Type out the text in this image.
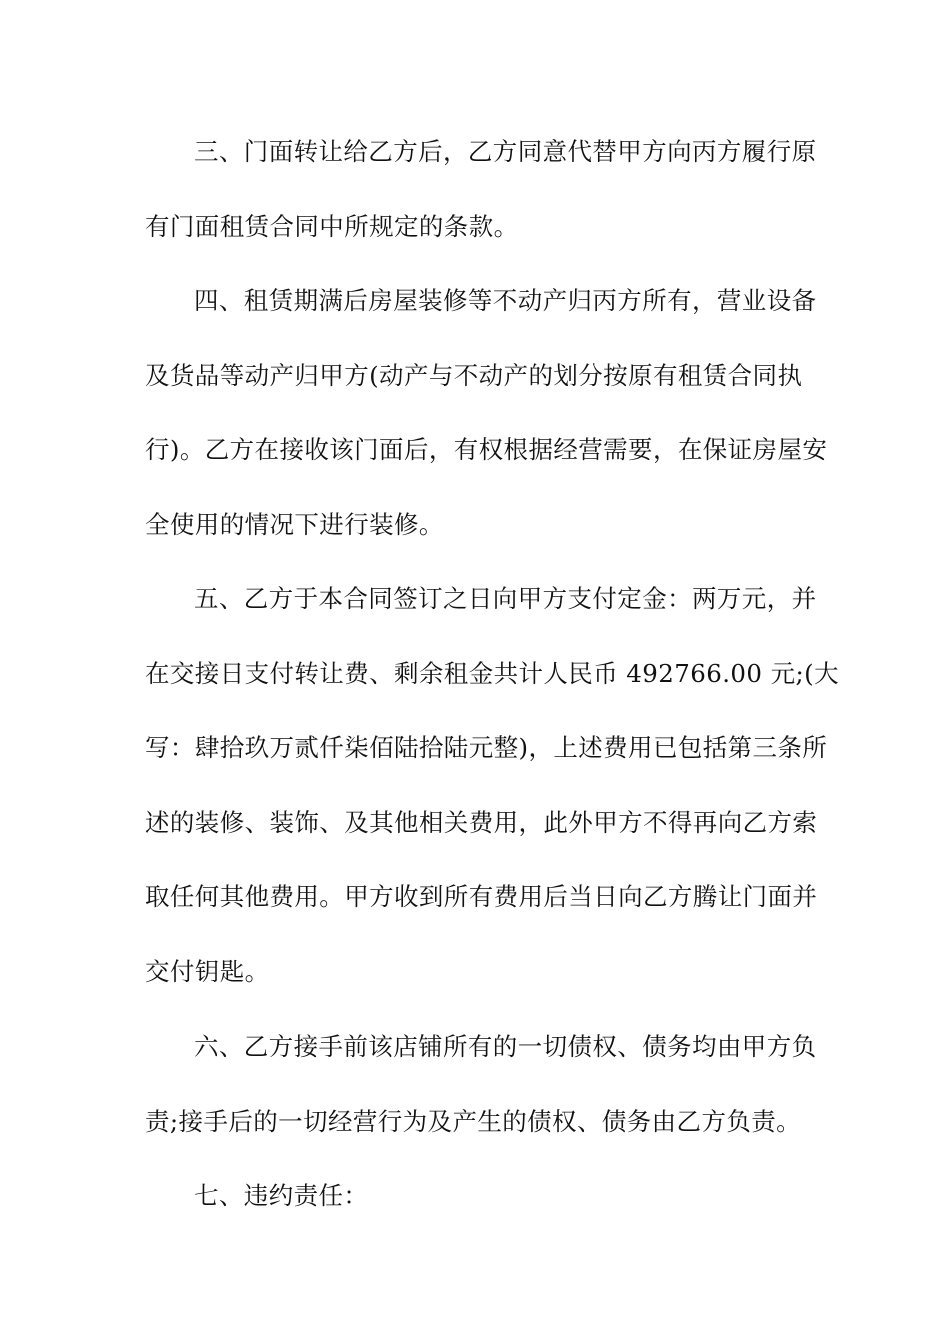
三、门面转让给乙方后，乙方同意代替甲方向丙方履行原
有门面租赁合同中所规定的条款。

四、租赁期满后房屋装修等不动产归丙方所有，营业设备
及货品等动产归甲方(动产与不动产的划分按原有租赁合同执
行)。乙方在接收该门面后，有权根据经营需要，在保证房屋安
全使用的情况下进行装修。

五、乙方于本合同签订之日向甲方支付定金：两万元，并
在交接日支付转让费、剩余租金共计人民币 492766.00 元;(大
写：肆拾玖万贰仟柒佰陆拾陆元整)，上述费用已包括第三条所
述的装修、装饰、及其他相关费用，此外甲方不得再向乙方索
取任何其他费用。甲方收到所有费用后当日向乙方腾让门面并
交付钥匙。

六、乙方接手前该店铺所有的一切债权、债务均由甲方负
责;接手后的一切经营行为及产生的债权、债务由乙方负责。

七、违约责任：
